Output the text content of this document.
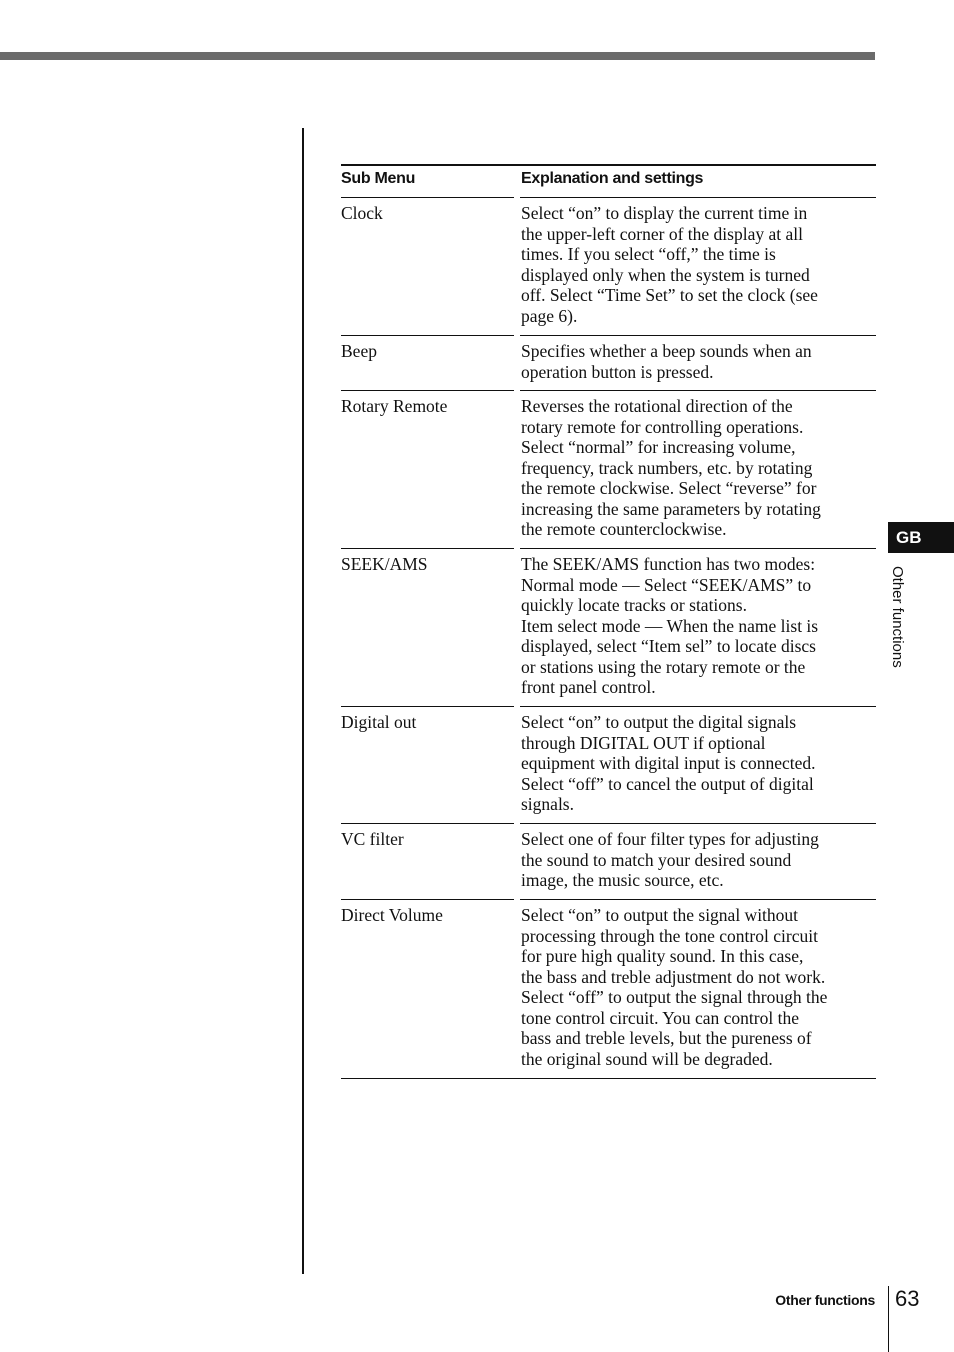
Sub Menu	Explanation and settings
Clock	Select “on” to display the current time in
the upper-left corner of the display at all
times. If you select “off,” the time is
displayed only when the system is turned
off. Select “Time Set” to set the clock (see
page 6).
Beep	Specifies whether a beep sounds when an
operation button is pressed.
Rotary Remote	Reverses the rotational direction of the
rotary remote for controlling operations.
Select “normal” for increasing volume,
frequency, track numbers, etc. by rotating
the remote clockwise. Select “reverse” for
increasing the same parameters by rotating
the remote counterclockwise.
SEEK/AMS	The SEEK/AMS function has two modes:
Normal mode — Select “SEEK/AMS” to
quickly locate tracks or stations.
Item select mode — When the name list is
displayed, select “Item sel” to locate discs
or stations using the rotary remote or the
front panel control.
Digital out	Select “on” to output the digital signals
through DIGITAL OUT if optional
equipment with digital input is connected.
Select “off” to cancel the output of digital
signals.
VC filter	Select one of four filter types for adjusting
the sound to match your desired sound
image, the music source, etc.
Direct Volume	Select “on” to output the signal without
processing through the tone control circuit
for pure high quality sound. In this case,
the bass and treble adjustment do not work.
Select “off” to output the signal through the
tone control circuit. You can control the
bass and treble levels, but the pureness of
the original sound will be degraded.
GB
Other functions
Other functions 63
